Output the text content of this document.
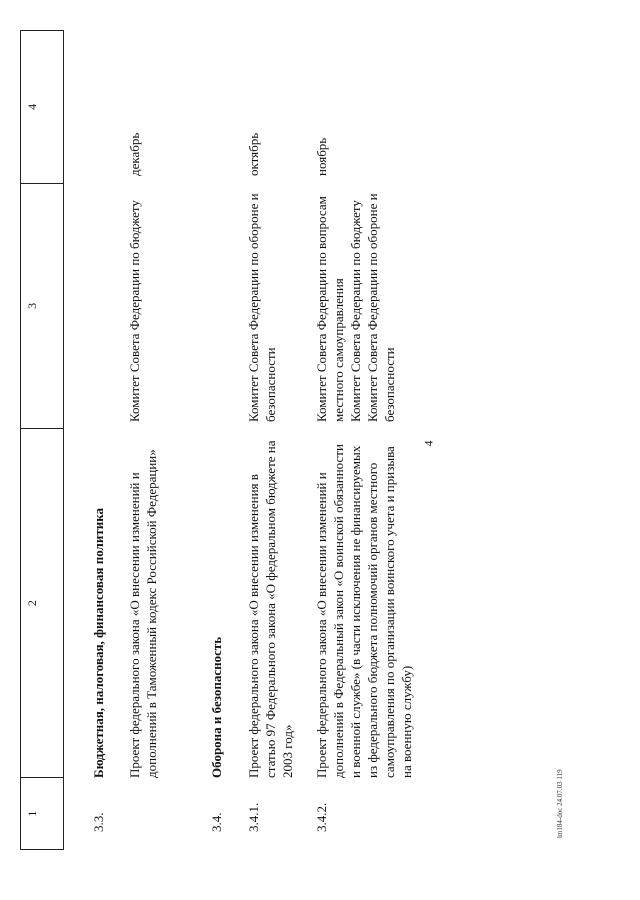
4
lm184-doc 24.07.03 119
1
2
3
4
3.3.
Бюджетная, налоговая, финансовая политика Проект федерального закона «О внесении изменений и дополнений в Таможенный кодекс Российской Федерации»
Комитет Совета Федерации по бюджету
декабрь
3.4.
Оборона и безопасность
3.4.1.
Проект федерального закона «О внесении изменения в статью 97 Федерального закона «О федеральном бюджете на 2003 год»
Комитет Совета Федерации по обороне и безопасности
октябрь
3.4.2.
Проект федерального закона «О внесении изменений и дополнений в Федеральный закон «О воинской обязанности и военной службе» (в части исключения не финансируемых из федерального бюджета полномочий органов местного самоуправления по организации воинского учета и призыва на военную службу)
Комитет Совета Федерации по вопросам местного самоуправления
Комитет Совета Федерации по бюджету
Комитет Совета Федерации по обороне и безопасности
ноябрь
